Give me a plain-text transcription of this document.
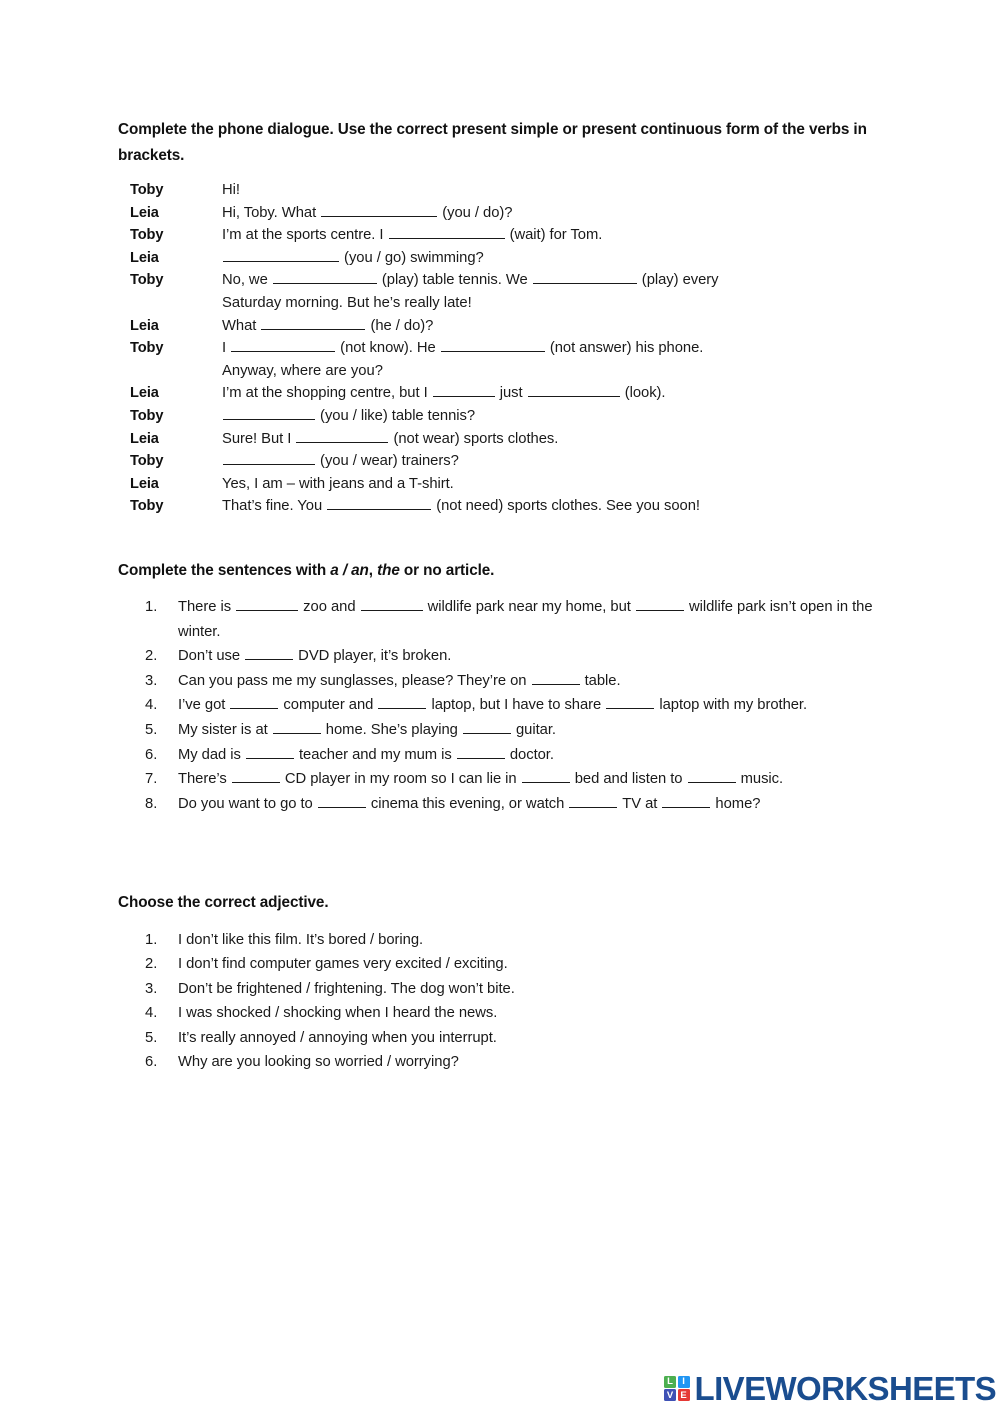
Complete the phone dialogue. Use the correct present simple or present continuous form of the verbs in brackets.
Toby	Hi!
Leia	Hi, Toby. What	(you / do)?
Toby	I’m at the sports centre. I	(wait) for Tom.
Leia	(you / go) swimming?
Toby	No, we	(play) table tennis. We	(play) every
Saturday morning. But he’s really late!
Leia	What	(he / do)?
Toby	I	(not know). He	(not answer) his phone.
Anyway, where are you?
Leia	I’m at the shopping centre, but I	just	(look).
Toby	(you / like) table tennis?
Leia	Sure! But I	(not wear) sports clothes.
Toby	(you / wear) trainers?
Leia	Yes, I am – with jeans and a T-shirt.
Toby	That’s fine. You	(not need) sports clothes. See you soon!
Complete the sentences with a / an, the or no article.
1.	There is	zoo and	wildlife park near my home, but	wildlife park isn’t open in the winter.
2.	Don’t use	DVD player, it’s broken.
3.	Can you pass me my sunglasses, please? They’re on	table.
4.	I’ve got	computer and	laptop, but I have to share	laptop with my brother.
5.	My sister is at	home. She’s playing	guitar.
6.	My dad is	teacher and my mum is	doctor.
7.	There’s	CD player in my room so I can lie in	bed and listen to	music.
8.	Do you want to go to	cinema this evening, or watch	TV at	home?
Choose the correct adjective.
1.	I don’t like this film. It’s bored / boring.
2.	I don’t find computer games very excited / exciting.
3.	Don’t be frightened / frightening. The dog won’t bite.
4.	I was shocked / shocking when I heard the news.
5.	It’s really annoyed / annoying when you interrupt.
6.	Why are you looking so worried / worrying?
L I
V E LIVEWORKSHEETS
